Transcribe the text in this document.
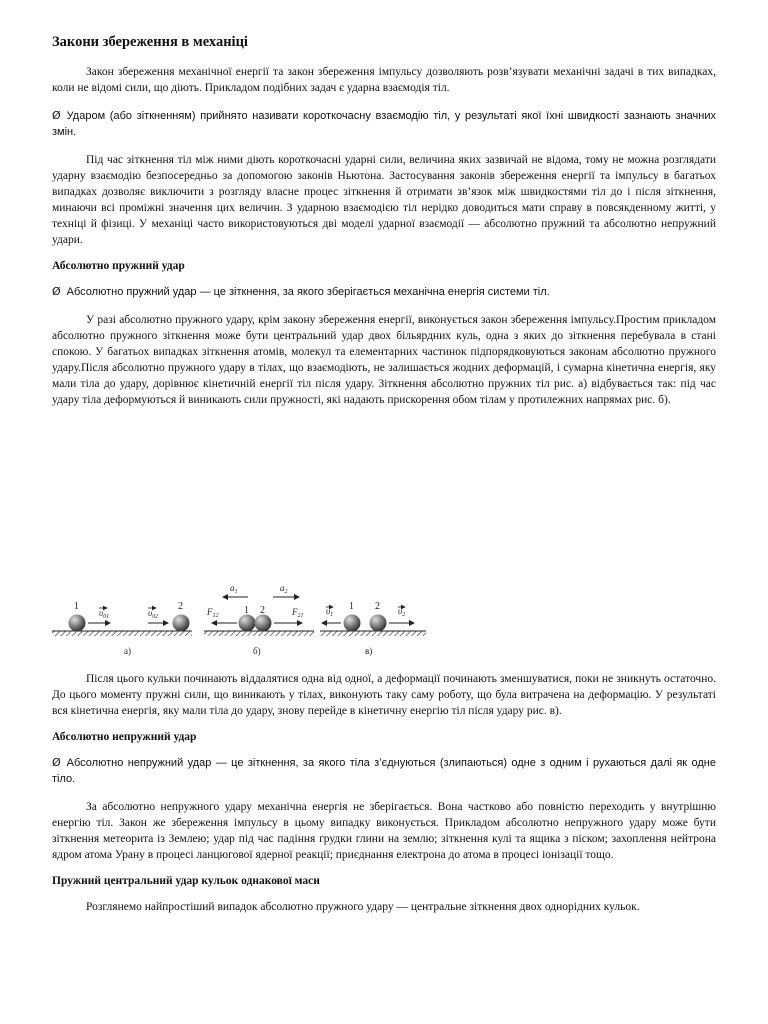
Закони збереження в механіці

Закон збереження механічної енергії та закон збереження імпульсу дозволяють розв’язувати механічні задачі в тих випадках, коли не відомі сили, що діють. Прикладом подібних задач є ударна взаємодія тіл.

Ø Ударом (або зіткненням) прийнято називати короткочасну взаємодію тіл, у результаті якої їхні швидкості зазнають значних змін.

Під час зіткнення тіл між ними діють короткочасні ударні сили, величина яких зазвичай не відома, тому не можна розглядати ударну взаємодію безпосередньо за допомогою законів Ньютона. Застосування законів збереження енергії та імпульсу в багатьох випадках дозволяє виключити з розгляду власне процес зіткнення й отримати зв’язок між швидкостями тіл до і після зіткнення, минаючи всі проміжні значення цих величин. З ударною взаємодією тіл нерідко доводиться мати справу в повсякденному житті, у техніці й фізиці. У механіці часто використовуються дві моделі ударної взаємодії — абсолютно пружний та абсолютно непружний удари.

Абсолютно пружний удар

Ø Абсолютно пружний удар — це зіткнення, за якого зберігається механічна енергія системи тіл.

У разі абсолютно пружного удару, крім закону збереження енергії, виконується закон збереження імпульсу.Простим прикладом абсолютно пружного зіткнення може бути центральний удар двох більярдних куль, одна з яких до зіткнення перебувала в стані спокою. У багатьох випадках зіткнення атомів, молекул та елементарних частинок підпорядковуються законам абсолютно пружного удару.Після абсолютно пружного удару в тілах, що взаємодіють, не залишається жодних деформацій, і сумарна кінетична енергія, яку мали тіла до удару, дорівнює кінетичній енергії тіл після удару. Зіткнення абсолютно пружних тіл рис. а) відбувається так: під час удару тіла деформуються й виникають сили пружності, які надають прискорення обом тілам у протилежних напрямах рис. б).

1	2
$\upsilon_{01}$	$\upsilon_{02}$
а)
1 2
$a_1$	$a_2$
$F_{12}$	$F_{21}$
б)
1 2
$\upsilon_1$	$\upsilon_2$
в)

Після цього кульки починають віддалятися одна від одної, а деформації починають зменшуватися, поки не зникнуть остаточно. До цього моменту пружні сили, що виникають у тілах, виконують таку саму роботу, що була витрачена на деформацію. У результаті вся кінетична енергія, яку мали тіла до удару, знову перейде в кінетичну енергію тіл після удару рис. в).

Абсолютно непружний удар

Ø Абсолютно непружний удар — це зіткнення, за якого тіла з’єднуються (злипаються) одне з одним і рухаються далі як одне тіло.

За абсолютно непружного удару механічна енергія не зберігається. Вона частково або повністю переходить у внутрішню енергію тіл. Закон же збереження імпульсу в цьому випадку виконується. Прикладом абсолютно непружного удару може бути зіткнення метеорита із Землею; удар під час падіння грудки глини на землю; зіткнення кулі та ящика з піском; захоплення нейтрона ядром атома Урану в процесі ланцюгової ядерної реакції; приєднання електрона до атома в процесі іонізації тощо.

Пружний центральний удар кульок однакової маси

Розглянемо найпростіший випадок абсолютно пружного удару — центральне зіткнення двох однорідних кульок.
